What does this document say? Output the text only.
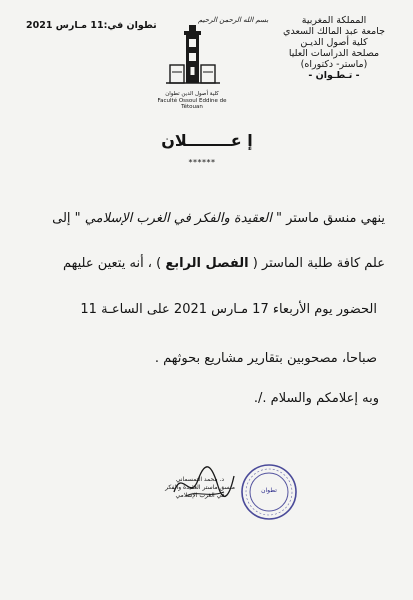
المملكة المغربية
جامعة عبد المالك السعدي
كلية أصول الديـن
مصلحة الدراسات العليا
(ماستر- دكتوراه)
- تـطـوان -
تطوان في:11 مـارس 2021	بسم الله الرحمن الرحيم
كلية أصول الدين تطوان
Faculté Ossoul Eddine de Tétouan
إ عــــــــلان
******
ينهي منسق ماستر " العقيدة والفكر في الغرب الإسلامي " إلى
علم كافة طلبة الماستر ( الفصل الرابع ) ، أنه يتعين عليهم
الحضور يوم الأربعاء 17 مـارس 2021 على الساعـة 11
صباحا، مصحوبين بتقارير مشاريع بحوثهم .
وبه إعلامكم والسلام ./.
د. محمد التمسماني
منسق ماستر العقيدة والفكر
في الغرب الإسلامي
تطوان
